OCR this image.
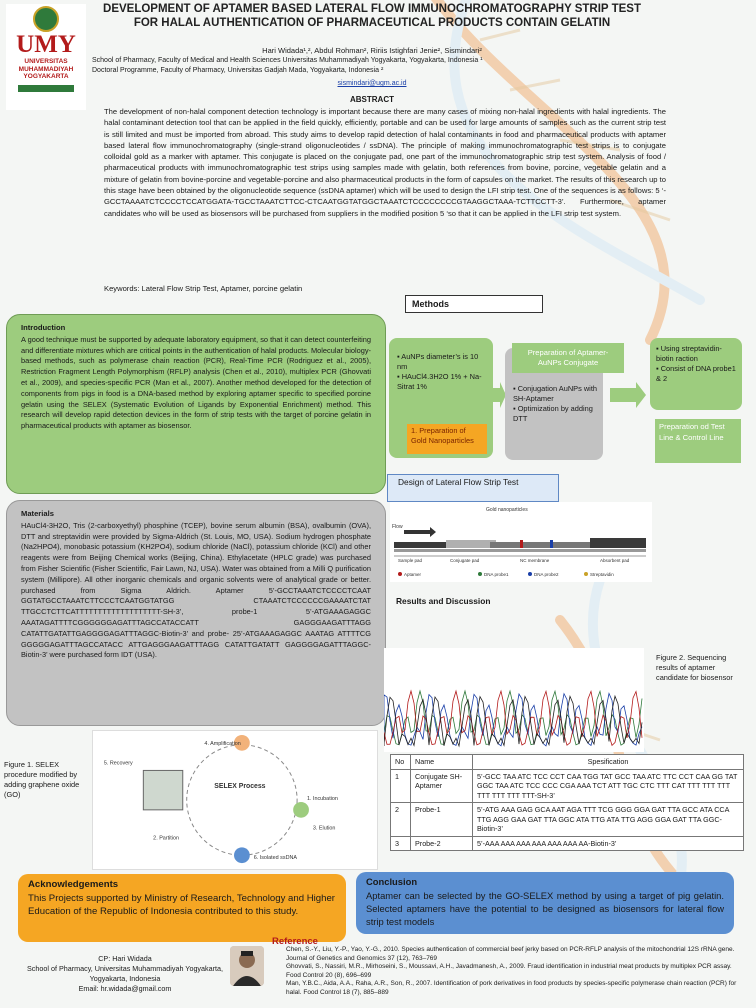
UMY
UNIVERSITAS
MUHAMMADIYAH
YOGYAKARTA
DEVELOPMENT OF APTAMER BASED LATERAL FLOW IMMUNOCHROMATOGRAPHY STRIP TEST
FOR HALAL AUTHENTICATION OF PHARMACEUTICAL PRODUCTS CONTAIN GELATIN
Hari Widada¹,², Abdul Rohman², Ririis Istighfari Jenie², Sismindari²
School of Pharmacy, Faculty of Medical and Health Sciences Universitas Muhammadiyah Yogyakarta, Yogyakarta, Indonesia ¹
Doctoral Programme, Faculty of Pharmacy, Universitas Gadjah Mada, Yogyakarta, Indonesia ²
sismindari@ugm.ac.id
ABSTRACT
The development of non-halal component detection technology is important because there are many cases of mixing non-halal ingredients with halal ingredients. The halal contaminant detection tool that can be applied in the field quickly, efficiently, portable and can be used for large amounts of samples such as the current strip test is still limited and must be imported from abroad. This study aims to develop rapid detection of halal contaminants in food and pharmaceutical products with aptamer based lateral flow immunochromatography (single-strand oligonucleotides / ssDNA). The principle of making immunochromatographic test strips is to conjugate colloidal gold as a marker with aptamer. This conjugate is placed on the conjugate pad, one part of the immunochromatographic strip test system. Analysis of food / pharmaceutical products with immunochromatographic test strips using samples made with gelatin, both references from bovine, porcine, vegetable gelatin and a mixture of gelatin from bovine-porcine and vegetable-porcine and also pharmaceutical products in the form of capsules on the market. The results of this research up to this stage have been obtained by the oligonucleotide sequence (ssDNA aptamer) which will be used to design the LFI strip test. One of the sequences is as follows: 5 ‘-GCCTAAAATCTCCCCTCCATGGATA-TGCCTAAATCTTCC-CTCAATGGTATGGCTAAATCTCCCCCCCCGTAAGGCTAAA-TCTTCCTT-3’. Furthermore, aptamer candidates who will be used as biosensors will be purchased from suppliers in the modified position 5 ‘so that it can be applied in the LFI strip test system.
Keywords: Lateral Flow Strip Test, Aptamer, porcine gelatin
Methods
Introduction
A good technique must be supported by adequate laboratory equipment, so that it can detect counterfeiting and differentiate mixtures which are critical points in the authentication of halal products. Molecular biology-based methods, such as polymerase chain reaction (PCR), Real-Time PCR (Rodriguez et al., 2005), Restriction Fragment Length Polymorphism (RFLP) analysis (Chen et al., 2010), multiplex PCR (Ghovvati et al., 2009), and species-specific PCR (Man et al., 2007). Another method developed for the detection of components from pigs in food is a DNA-based method by exploring aptamer specific to specified porcine gelatin using the SELEX (Systematic Evolution of Ligands by Exponential Enrichment) method. This research will develop rapid detection devices in the form of strip tests with the target of porcine gelatin in pharmaceutical products with aptamer as biosensor.
Materials
HAuCl4-3H2O, Tris (2-carboxyethyl) phosphine (TCEP), bovine serum albumin (BSA), ovalbumin (OVA), DTT and streptavidin were provided by Sigma-Aldrich (St. Louis, MO, USA). Sodium hydrogen phosphate (Na2HPO4), monobasic potassium (KH2PO4), sodium chloride (NaCl), potassium chloride (KCl) and other reagents were from Beijing Chemical works (Beijing, China). Ethylacetate (HPLC grade) was purchased from Fisher Scientific (Fisher Scientific, Fair Lawn, NJ, USA). Water was obtained from a Milli Q purification system (Millipore). All other inorganic chemicals and organic solvents were of analytical grade or better. purchased from Sigma Aldrich. Aptamer 5’-GCCTAAATCTCCCCTCAAT GGTATGCCTAAATCTTCCCTCAATGGTATGG CTAAATCTCCCCCCGAAAATCTAT TTGCCTCTTCATTTTTTTTTTTTTTTTTTT-SH-3’, probe-1 5’-ATGAAAGAGGC AAATAGATTTTCGGGGGGAGATTTAGCCATACCATT GAGGGAAGATTTAGG CATATTGATATTGAGGGGAGATTTAGGC-Biotin-3’ and probe- 25’-ATGAAAGAGGC AAATAG ATTTTCG GGGGGAGATTTAGCCATACC ATTGAGGGAAGATTTAGG CATATTGATATT GAGGGGAGATTTAGGC-Biotin-3’ were purchased form IDT (USA).
▪ AuNPs diameter’s is 10 nm
▪ HAuCl4.3H2O 1% + Na-Sitrat 1%
1. Preparation of Gold Nanoparticles
▪ Conjugation AuNPs with SH-Aptamer
▪ Optimization by adding DTT
Preparation of Aptamer-AuNPs Conjugate
▪ Using streptavidin-biotin raction
▪ Consist of DNA probe1 & 2
Preparation od Test Line & Control Line
Design of Lateral Flow Strip Test
Gold nanoparticles
Flow
Sample pad	Conjugate pad	NC membrane	Absorbent pad
Aptamer	DNA probe1	DNA probe2	Streptavidin
Results and Discussion
Figure 2. Sequencing results of aptamer candidate for biosensor
SELEX Process
4. Amplification
1. Incubation
2. Partition
3. Elution
5. Recovery
6. Isolated ssDNA
Figure 1. SELEX procedure modified by adding graphene oxide (GO)
No	Name	Spesification
1	Conjugate SH-Aptamer	5’-GCC TAA ATC TCC CCT CAA TGG TAT GCC TAA ATC TTC CCT CAA GG TAT GGC TAA ATC TCC CCC CGA AAA TCT ATT TGC CTC TTT CAT TTT TTT TTT TTT TTT TTT TTT-SH-3’
2	Probe-1	5’-ATG AAA GAG GCA AAT AGA TTT TCG GGG GGA GAT TTA GCC ATA CCA TTG AGG GAA GAT TTA GGC ATA TTG ATA TTG AGG GGA GAT TTA GGC-Biotin-3’
3	Probe-2	5’-AAA AAA AAA AAA AAA AAA AA-Biotin-3’
Acknowledgements
This Projects supported by Ministry of Research, Technology and Higher Education of the Republic of Indonesia contributed to this study.
Conclusion
Aptamer can be selected by the GO-SELEX method by using a target of pig gelatin. Selected aptamers have the potential to be designed as biosensors for lateral flow strip test models
CP: Hari Widada
School of Pharmacy, Universitas Muhammadiyah Yogyakarta, Yogyakarta, Indonesia
Email: hr.widada@gmail.com
Reference
Chen, S.-Y., Liu, Y.-P., Yao, Y.-G., 2010. Species authentication of commercial beef jerky based on PCR-RFLP analysis of the mitochondrial 12S rRNA gene. Journal of Genetics and Genomics 37 (12), 763–769
Ghovvati, S., Nassiri, M.R., Mirhoseini, S., Moussavi, A.H., Javadmanesh, A., 2009. Fraud identification in industrial meat products by multiplex PCR assay. Food Control 20 (8), 696–699
Man, Y.B.C., Aida, A.A., Raha, A.R., Son, R., 2007. Identification of pork derivatives in food products by species-specific polymerase chain reaction (PCR) for halal. Food Control 18 (7), 885–889
